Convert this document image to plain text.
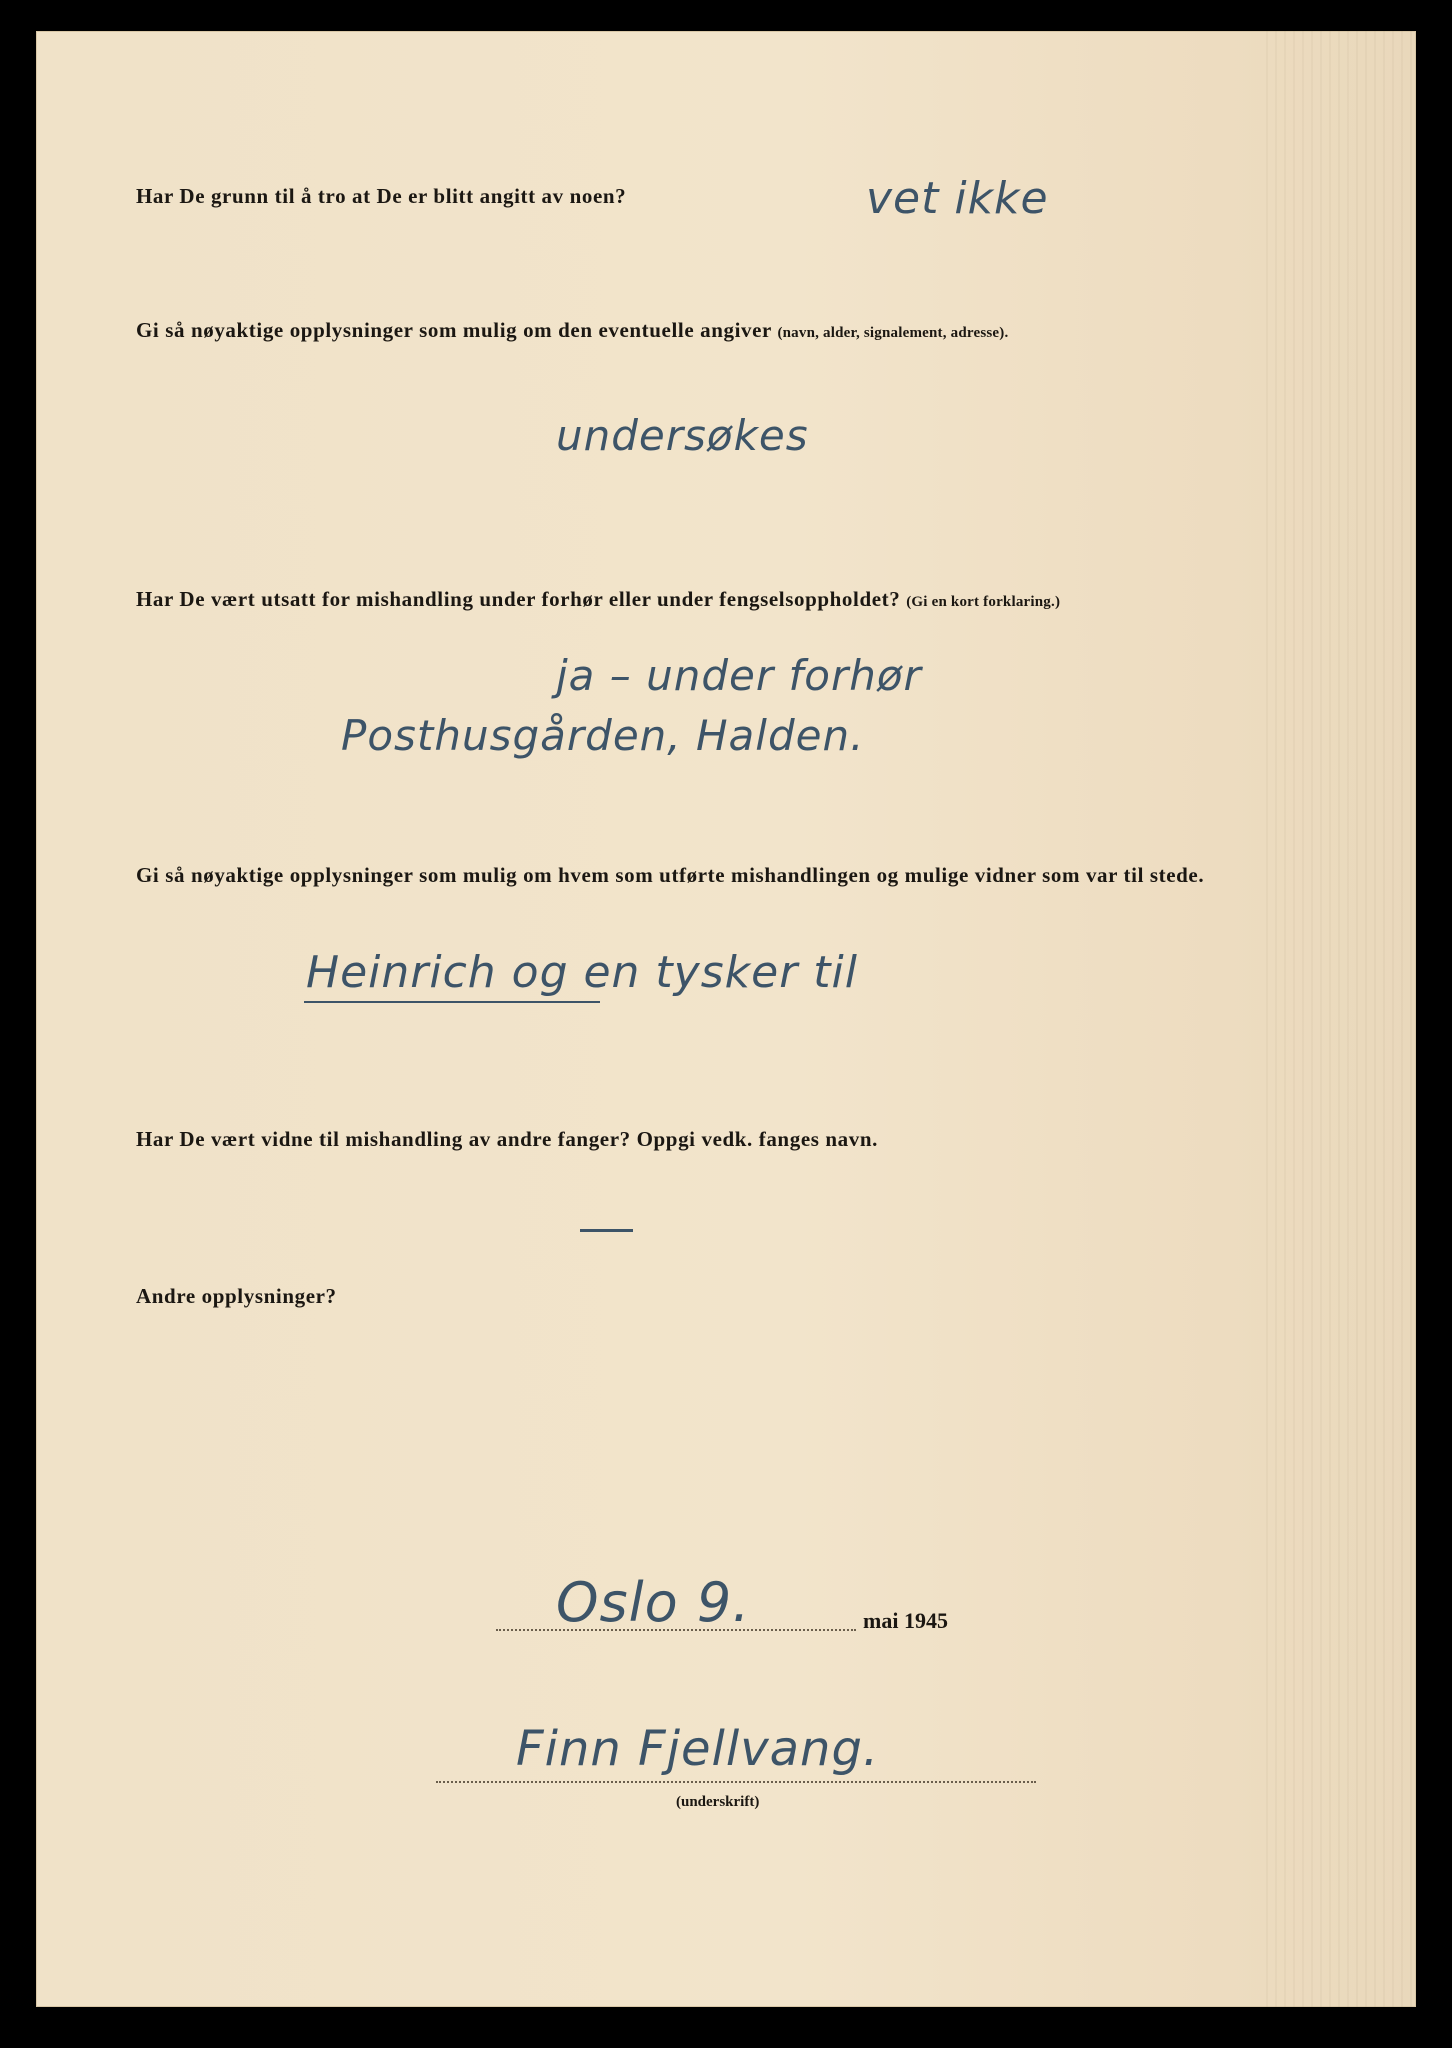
Har De grunn til å tro at De er blitt angitt av noen?	vet ikke

Gi så nøyaktige opplysninger som mulig om den eventuelle angiver (navn, alder, signalement, adresse).

undersøkes

Har De vært utsatt for mishandling under forhør eller under fengselsoppholdet? (Gi en kort forklaring.)

ja – under forhør

Posthusgården, Halden.

Gi så nøyaktige opplysninger som mulig om hvem som utførte mishandlingen og mulige vidner som var til stede.

Heinrich og en tysker til

Har De vært vidne til mishandling av andre fanger? Oppgi vedk. fanges navn.

Andre opplysninger?

Oslo 9.	mai 1945

Finn Fjellvang.

(underskrift)
